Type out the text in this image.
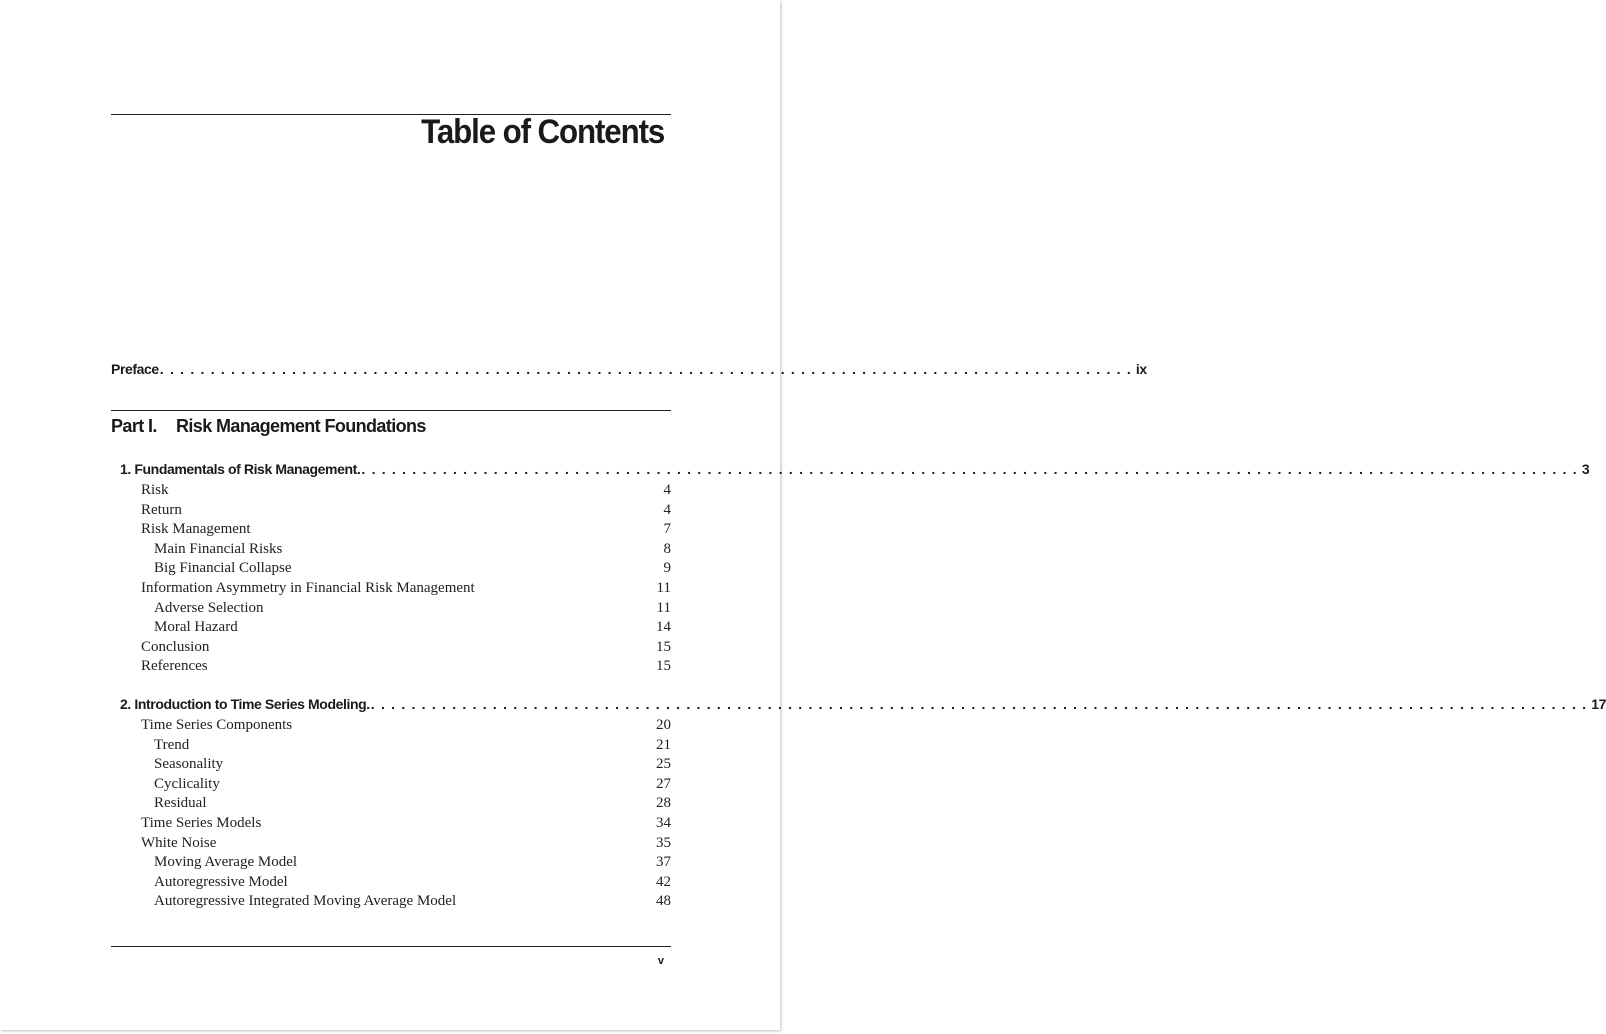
Table of Contents
Preface . . . . . . . . . . . . . . . . . . . . . . . . . . . . . . . . . . . . . . . . . . . . . . . . . . . . . . . . . . . . . . . . . . . . . . . . . . . . . . . . . . . . . . . . . . . . . . . . ix
Part I. Risk Management Foundations
1. Fundamentals of Risk Management. . . . . . . . . . . . . . . . . . . . . . . . . . . . . . . . . . . . . . . . . . . . . . . . . . . . . . . . . . . . . . . . . . . . . . . . . . . . . . . . . . . . . . . . . . . . . . . . . . . . . . . . . . . . . . . . . . . . . . . . . 3
Risk	4
Return	4
Risk Management	7
Main Financial Risks	8
Big Financial Collapse	9
Information Asymmetry in Financial Risk Management	11
Adverse Selection	11
Moral Hazard	14
Conclusion	15
References	15
2. Introduction to Time Series Modeling. . . . . . . . . . . . . . . . . . . . . . . . . . . . . . . . . . . . . . . . . . . . . . . . . . . . . . . . . . . . . . . . . . . . . . . . . . . . . . . . . . . . . . . . . . . . . . . . . . . . . . . . . . . . . . . . . . . . . . . . . 17
Time Series Components	20
Trend	21
Seasonality	25
Cyclicality	27
Residual	28
Time Series Models	34
White Noise	35
Moving Average Model	37
Autoregressive Model	42
Autoregressive Integrated Moving Average Model	48
v
